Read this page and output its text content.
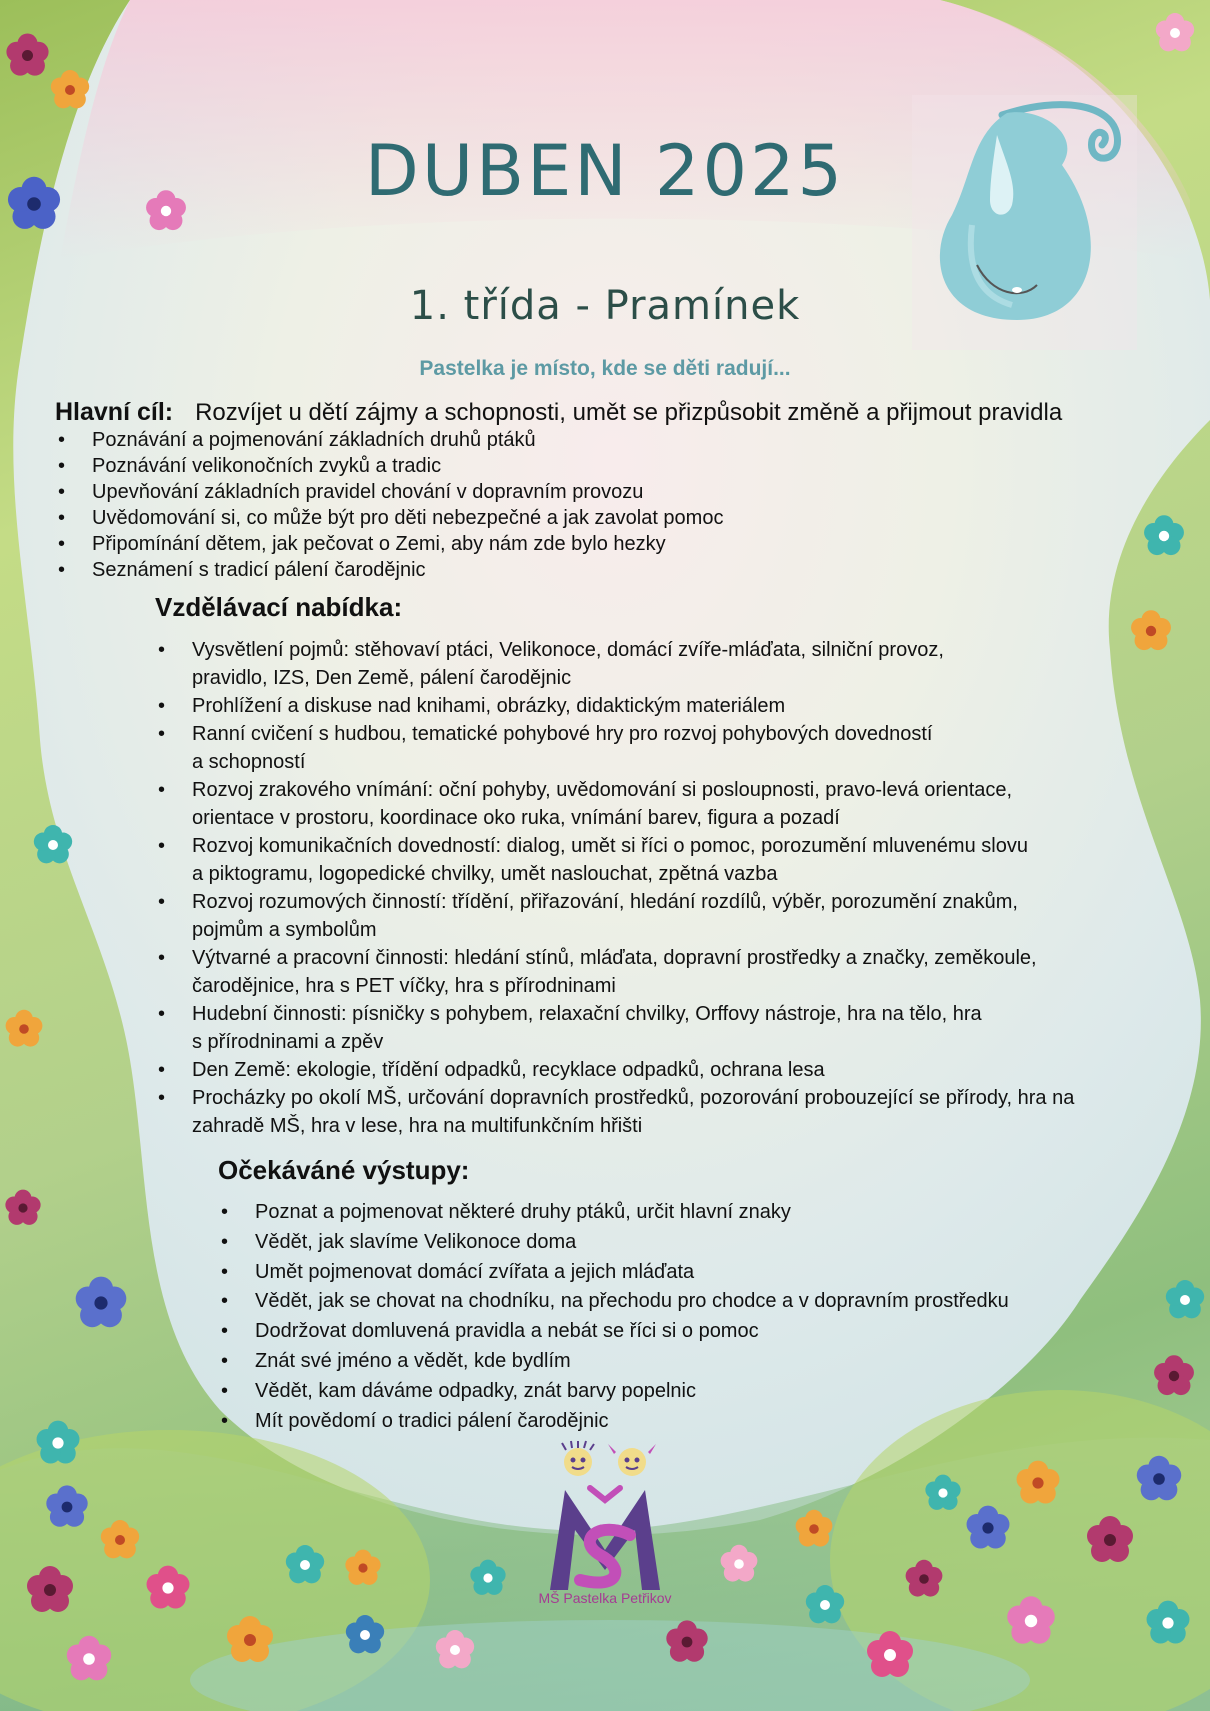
DUBEN 2025
1. třída - Pramínek
Pastelka je místo, kde se děti radují...
Hlavní cíl: Rozvíjet u dětí zájmy a schopnosti, umět se přizpůsobit změně a přijmout pravidla
• Poznávání a pojmenování základních druhů ptáků
• Poznávání velikonočních zvyků a tradic
• Upevňování základních pravidel chování v dopravním provozu
• Uvědomování si, co může být pro děti nebezpečné a jak zavolat pomoc
• Připomínání dětem, jak pečovat o Zemi, aby nám zde bylo hezky
• Seznámení s tradicí pálení čarodějnic
Vzdělávací nabídka:
• Vysvětlení pojmů: stěhovaví ptáci, Velikonoce, domácí zvíře-mláďata, silniční provoz,
pravidlo, IZS, Den Země, pálení čarodějnic
• Prohlížení a diskuse nad knihami, obrázky, didaktickým materiálem
• Ranní cvičení s hudbou, tematické pohybové hry pro rozvoj pohybových dovedností
a schopností
• Rozvoj zrakového vnímání: oční pohyby, uvědomování si posloupnosti, pravo-levá orientace,
orientace v prostoru, koordinace oko ruka, vnímání barev, figura a pozadí
• Rozvoj komunikačních dovedností: dialog, umět si říci o pomoc, porozumění mluvenému slovu
a piktogramu, logopedické chvilky, umět naslouchat, zpětná vazba
• Rozvoj rozumových činností: třídění, přiřazování, hledání rozdílů, výběr, porozumění znakům,
pojmům a symbolům
• Výtvarné a pracovní činnosti: hledání stínů, mláďata, dopravní prostředky a značky, zeměkoule,
čarodějnice, hra s PET víčky, hra s přírodninami
• Hudební činnosti: písničky s pohybem, relaxační chvilky, Orffovy nástroje, hra na tělo, hra
s přírodninami a zpěv
• Den Země: ekologie, třídění odpadků, recyklace odpadků, ochrana lesa
• Procházky po okolí MŠ, určování dopravních prostředků, pozorování probouzející se přírody, hra na
zahradě MŠ, hra v lese, hra na multifunkčním hřišti
Očekáváné výstupy:
• Poznat a pojmenovat některé druhy ptáků, určit hlavní znaky
• Vědět, jak slavíme Velikonoce doma
• Umět pojmenovat domácí zvířata a jejich mláďata
• Vědět, jak se chovat na chodníku, na přechodu pro chodce a v dopravním prostředku
• Dodržovat domluvená pravidla a nebát se říci si o pomoc
• Znát své jméno a vědět, kde bydlím
• Vědět, kam dáváme odpadky, znát barvy popelnic
• Mít povědomí o tradici pálení čarodějnic
MŠ Pastelka Petřikov
